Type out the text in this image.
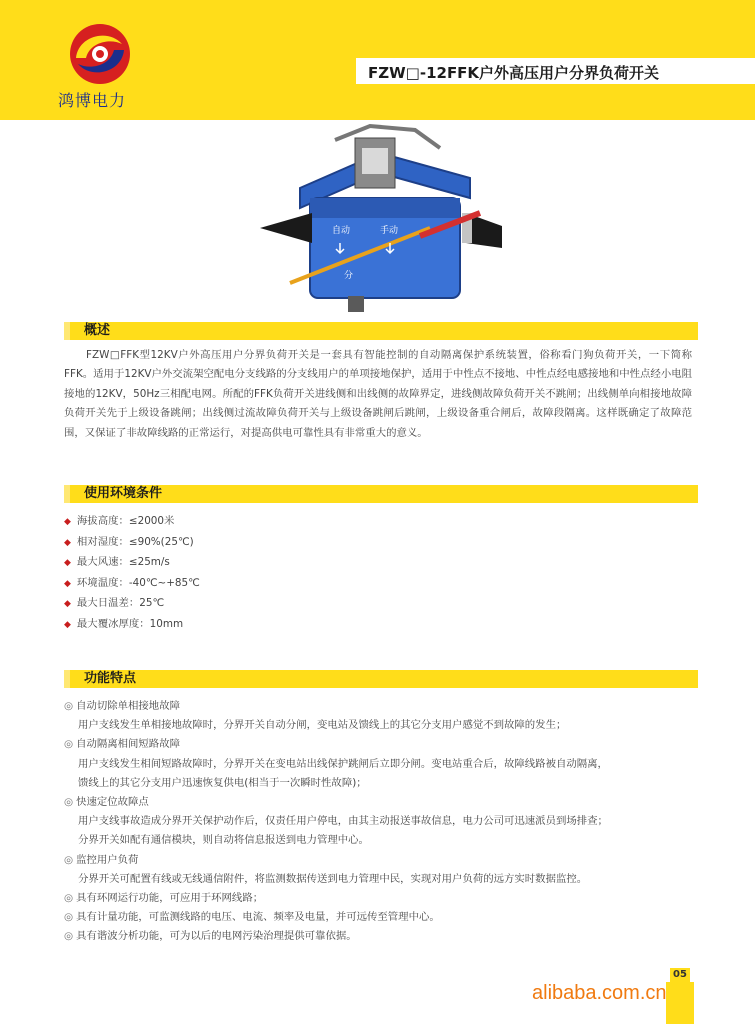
鸿博电力
FZW□-12FFK户外高压用户分界负荷开关
自动	手动
分
概述
FZW□FFK型12KV户外高压用户分界负荷开关是一套具有智能控制的自动隔离保护系统装置，俗称看门狗负荷开关，一下简称FFK。适用于12KV户外交流架空配电分支线路的分支线用户的单项接地保护，适用于中性点不接地、中性点经电感接地和中性点经小电阻接地的12KV，50Hz三相配电网。所配的FFK负荷开关进线侧和出线侧的故障界定，进线侧故障负荷开关不跳闸；出线侧单向相接地故障负荷开关先于上级设备跳闸；出线侧过流故障负荷开关与上级设备跳闸后跳闸，上级设备重合闸后，故障段隔离。这样既确定了故障范围，又保证了非故障线路的正常运行，对提高供电可靠性具有非常重大的意义。
使用环境条件
◆ 海拔高度：≤2000米
◆ 相对湿度：≤90%(25℃)
◆ 最大风速：≤25m/s
◆ 环境温度：-40℃~+85℃
◆ 最大日温差：25℃
◆ 最大覆冰厚度：10mm
功能特点
◎ 自动切除单相接地故障
用户支线发生单相接地故障时，分界开关自动分闸，变电站及馈线上的其它分支用户感觉不到故障的发生；
◎ 自动隔离相间短路故障
用户支线发生相间短路故障时，分界开关在变电站出线保护跳闸后立即分闸。变电站重合后，故障线路被自动隔离，
馈线上的其它分支用户迅速恢复供电(相当于一次瞬时性故障)；
◎ 快速定位故障点
用户支线事故造成分界开关保护动作后，仅责任用户停电，由其主动报送事故信息，电力公司可迅速派员到场排查；
分界开关如配有通信模块，则自动将信息报送到电力管理中心。
◎ 监控用户负荷
分界开关可配置有线或无线通信附件，将监测数据传送到电力管理中民，实现对用户负荷的远方实时数据监控。
◎ 具有环网运行功能，可应用于环网线路；
◎ 具有计量功能，可监测线路的电压、电流、频率及电量，并可远传至管理中心。
◎ 具有谐波分析功能，可为以后的电网污染治理提供可靠依据。
05
alibaba.com.cn
